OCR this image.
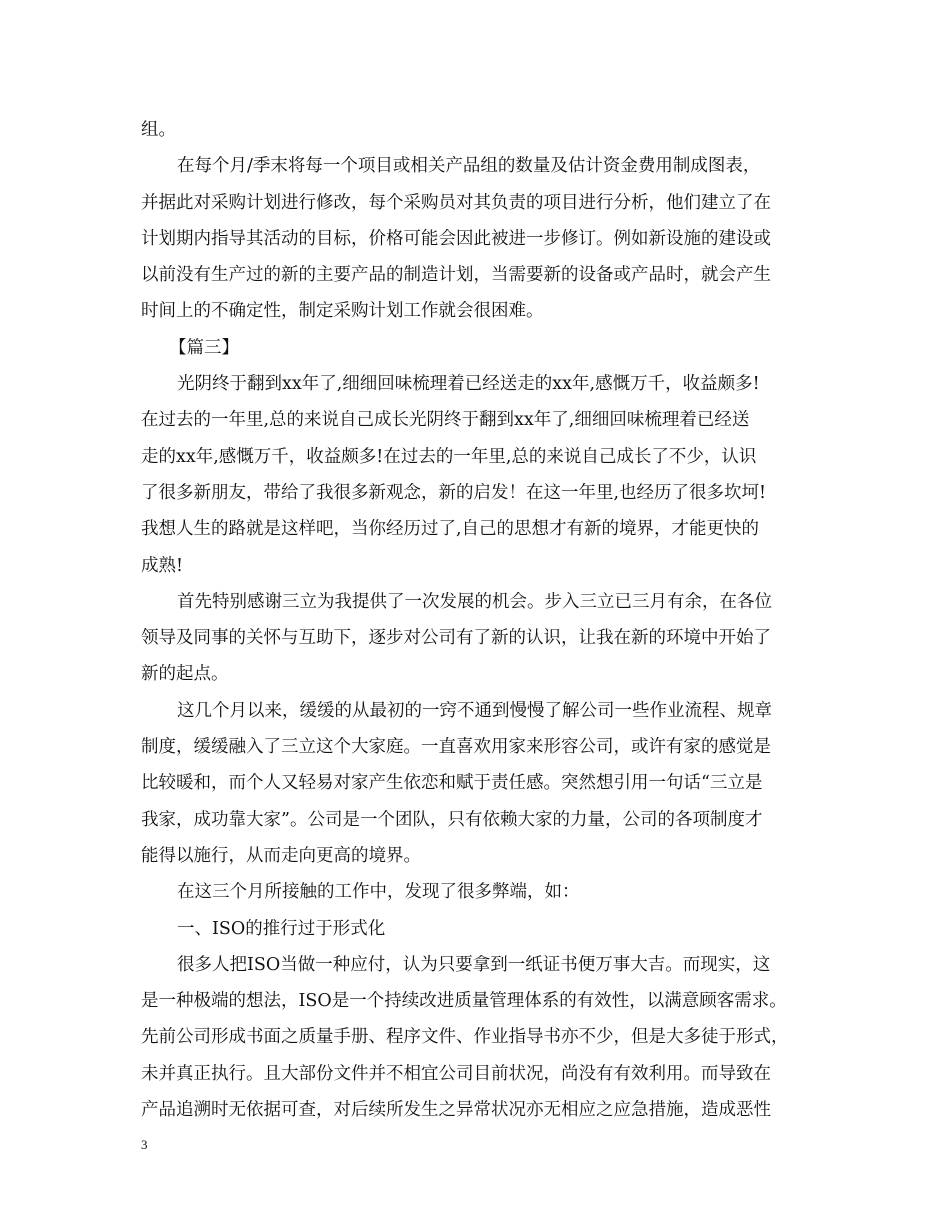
组。
在每个月/季末将每一个项目或相关产品组的数量及估计资金费用制成图表，
并据此对采购计划进行修改，每个采购员对其负责的项目进行分析，他们建立了在
计划期内指导其活动的目标，价格可能会因此被进一步修订。例如新设施的建设或
以前没有生产过的新的主要产品的制造计划，当需要新的设备或产品时，就会产生
时间上的不确定性，制定采购计划工作就会很困难。
【篇三】
光阴终于翻到xx年了,细细回味梳理着已经送走的xx年,感慨万千，收益颇多!
在过去的一年里,总的来说自己成长光阴终于翻到xx年了,细细回味梳理着已经送
走的xx年,感慨万千，收益颇多!在过去的一年里,总的来说自己成长了不少，认识
了很多新朋友，带给了我很多新观念，新的启发！在这一年里,也经历了很多坎坷!
我想人生的路就是这样吧，当你经历过了,自己的思想才有新的境界，才能更快的
成熟!
首先特别感谢三立为我提供了一次发展的机会。步入三立已三月有余，在各位
领导及同事的关怀与互助下，逐步对公司有了新的认识，让我在新的环境中开始了
新的起点。
这几个月以来，缓缓的从最初的一窍不通到慢慢了解公司一些作业流程、规章
制度，缓缓融入了三立这个大家庭。一直喜欢用家来形容公司，或许有家的感觉是
比较暖和，而个人又轻易对家产生依恋和赋于责任感。突然想引用一句话“三立是
我家，成功靠大家”。公司是一个团队，只有依赖大家的力量，公司的各项制度才
能得以施行，从而走向更高的境界。
在这三个月所接触的工作中，发现了很多弊端，如：
一、ISO的推行过于形式化
很多人把ISO当做一种应付，认为只要拿到一纸证书便万事大吉。而现实，这
是一种极端的想法，ISO是一个持续改进质量管理体系的有效性，以满意顾客需求。
先前公司形成书面之质量手册、程序文件、作业指导书亦不少，但是大多徒于形式，
未并真正执行。且大部份文件并不相宜公司目前状况，尚没有有效利用。而导致在
产品追溯时无依据可查，对后续所发生之异常状况亦无相应之应急措施，造成恶性
3
